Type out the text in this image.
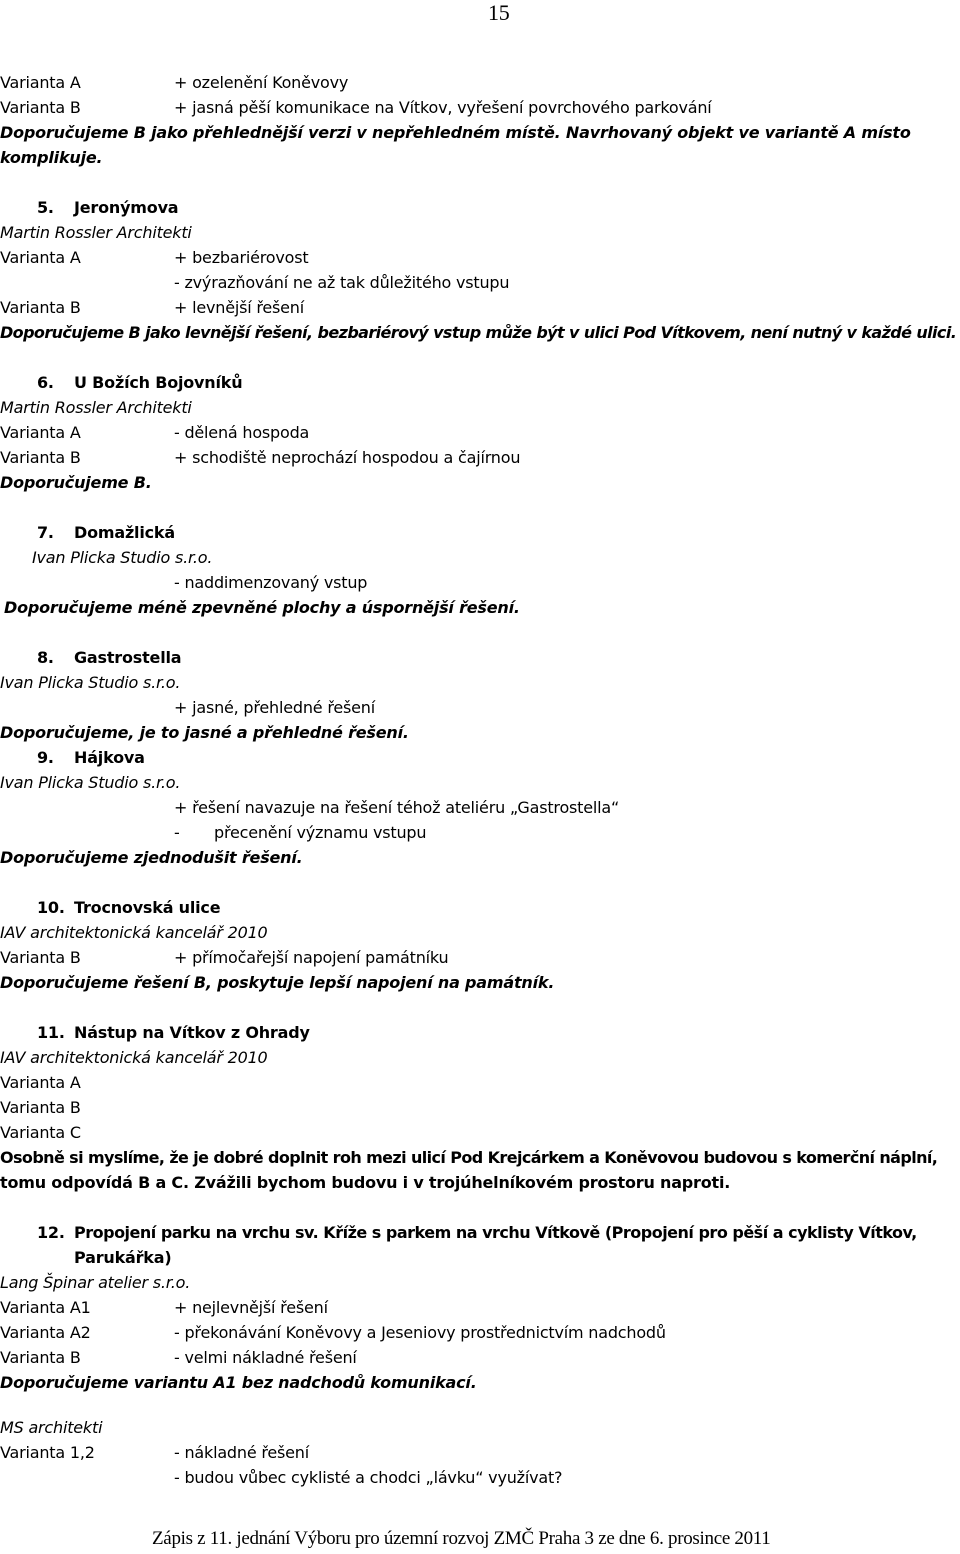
15
Varianta A	+ ozelenění Koněvovy
Varianta B	+ jasná pěší komunikace na Vítkov, vyřešení povrchového parkování
Doporučujeme B jako přehlednější verzi v nepřehledném místě. Navrhovaný objekt ve variantě A místo
komplikuje.
5. Jeronýmova
Martin Rossler Architekti
Varianta A	+ bezbariérovost
- zvýrazňování ne až tak důležitého vstupu
Varianta B	+ levnější řešení
Doporučujeme B jako levnější řešení, bezbariérový vstup může být v ulici Pod Vítkovem, není nutný v každé ulici.
6. U Božích Bojovníků
Martin Rossler Architekti
Varianta A	- dělená hospoda
Varianta B	+ schodiště neprochází hospodou a čajírnou
Doporučujeme B.
7. Domažlická
Ivan Plicka Studio s.r.o.
- naddimenzovaný vstup
Doporučujeme méně zpevněné plochy a úspornější řešení.
8. Gastrostella
Ivan Plicka Studio s.r.o.
+ jasné, přehledné řešení
Doporučujeme, je to jasné a přehledné řešení.
9. Hájkova
Ivan Plicka Studio s.r.o.
+ řešení navazuje na řešení téhož ateliéru „Gastrostella“
- přecenění významu vstupu
Doporučujeme zjednodušit řešení.
10. Trocnovská ulice
IAV architektonická kancelář 2010
Varianta B	+ přímočařejší napojení památníku
Doporučujeme řešení B, poskytuje lepší napojení na památník.
11. Nástup na Vítkov z Ohrady
IAV architektonická kancelář 2010
Varianta A
Varianta B
Varianta C
Osobně si myslíme, že je dobré doplnit roh mezi ulicí Pod Krejcárkem a Koněvovou budovou s komerční náplní,
tomu odpovídá B a C. Zvážili bychom budovu i v trojúhelníkovém prostoru naproti.
12. Propojení parku na vrchu sv. Kříže s parkem na vrchu Vítkově (Propojení pro pěší a cyklisty Vítkov,
Parukářka)
Lang Špinar atelier s.r.o.
Varianta A1	+ nejlevnější řešení
Varianta A2	- překonávání Koněvovy a Jeseniovy prostřednictvím nadchodů
Varianta B	- velmi nákladné řešení
Doporučujeme variantu A1 bez nadchodů komunikací.
MS architekti
Varianta 1,2	- nákladné řešení
- budou vůbec cyklisté a chodci „lávku“ využívat?
Zápis z 11. jednání Výboru pro územní rozvoj ZMČ Praha 3 ze dne 6. prosince 2011
